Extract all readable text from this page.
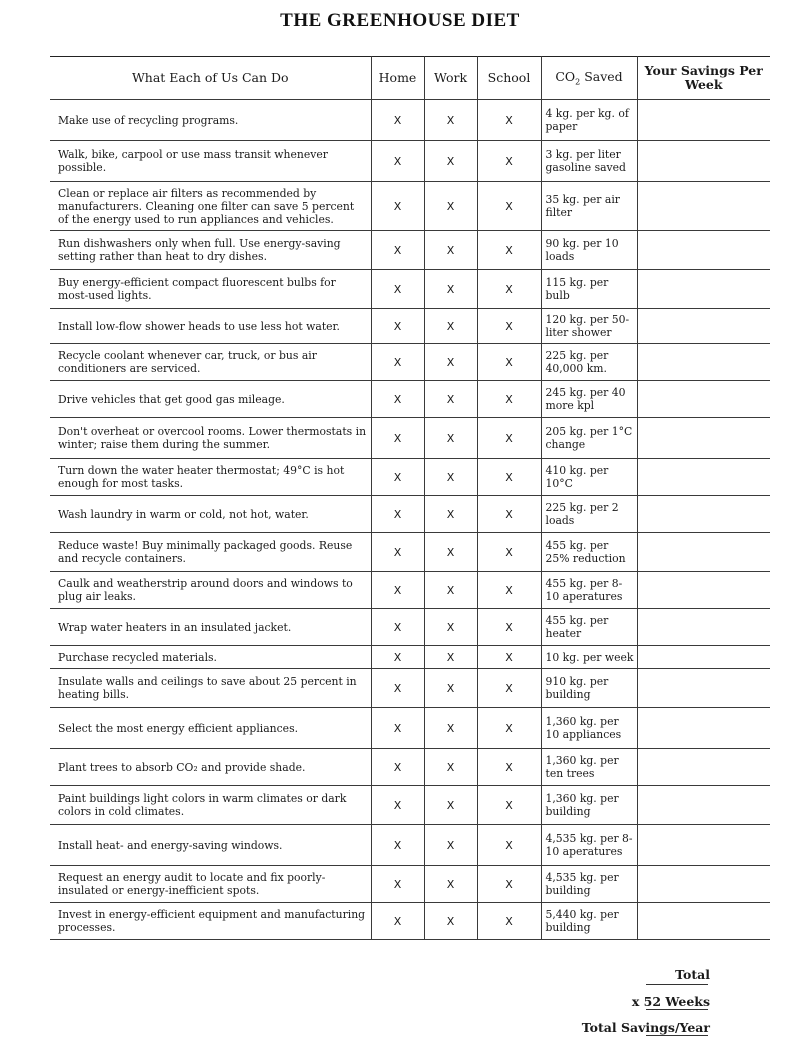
THE GREENHOUSE DIET
What Each of Us Can Do	Home	Work	School	$CO_2$ Saved	Your Savings Per Week
Make use of recycling programs.	X	X	X	4 kg. per kg. of paper	
Walk, bike, carpool or use mass transit whenever possible.	X	X	X	3 kg. per liter gasoline saved	
Clean or replace air filters as recommended by manufacturers. Cleaning one filter can save 5 percent of the energy used to run appliances and vehicles.	X	X	X	35 kg. per air filter	
Run dishwashers only when full. Use energy-saving setting rather than heat to dry dishes.	X	X	X	90 kg. per 10 loads	
Buy energy-efficient compact fluorescent bulbs for most-used lights.	X	X	X	115 kg. per bulb	
Install low-flow shower heads to use less hot water.	X	X	X	120 kg. per 50-liter shower	
Recycle coolant whenever car, truck, or bus air conditioners are serviced.	X	X	X	225 kg. per 40,000 km.	
Drive vehicles that get good gas mileage.	X	X	X	245 kg. per 40 more kpl	
Don't overheat or overcool rooms. Lower thermostats in winter; raise them during the summer.	X	X	X	205 kg. per 1°C change	
Turn down the water heater thermostat; 49°C is hot enough for most tasks.	X	X	X	410 kg. per 10°C	
Wash laundry in warm or cold, not hot, water.	X	X	X	225 kg. per 2 loads	
Reduce waste! Buy minimally packaged goods. Reuse and recycle containers.	X	X	X	455 kg. per 25% reduction	
Caulk and weatherstrip around doors and windows to plug air leaks.	X	X	X	455 kg. per 8-10 aperatures	
Wrap water heaters in an insulated jacket.	X	X	X	455 kg. per heater	
Purchase recycled materials.	X	X	X	10 kg. per week	
Insulate walls and ceilings to save about 25 percent in heating bills.	X	X	X	910 kg. per building	
Select the most energy efficient appliances.	X	X	X	1,360 kg. per 10 appliances	
Plant trees to absorb CO₂ and provide shade.	X	X	X	1,360 kg. per ten trees	
Paint buildings light colors in warm climates or dark colors in cold climates.	X	X	X	1,360 kg. per building	
Install heat- and energy-saving windows.	X	X	X	4,535 kg. per 8-10 aperatures	
Request an energy audit to locate and fix poorly-insulated or energy-inefficient spots.	X	X	X	4,535 kg. per building	
Invest in energy-efficient equipment and manufacturing processes.	X	X	X	5,440 kg. per building	
Total
x 52 Weeks
Total Savings/Year
